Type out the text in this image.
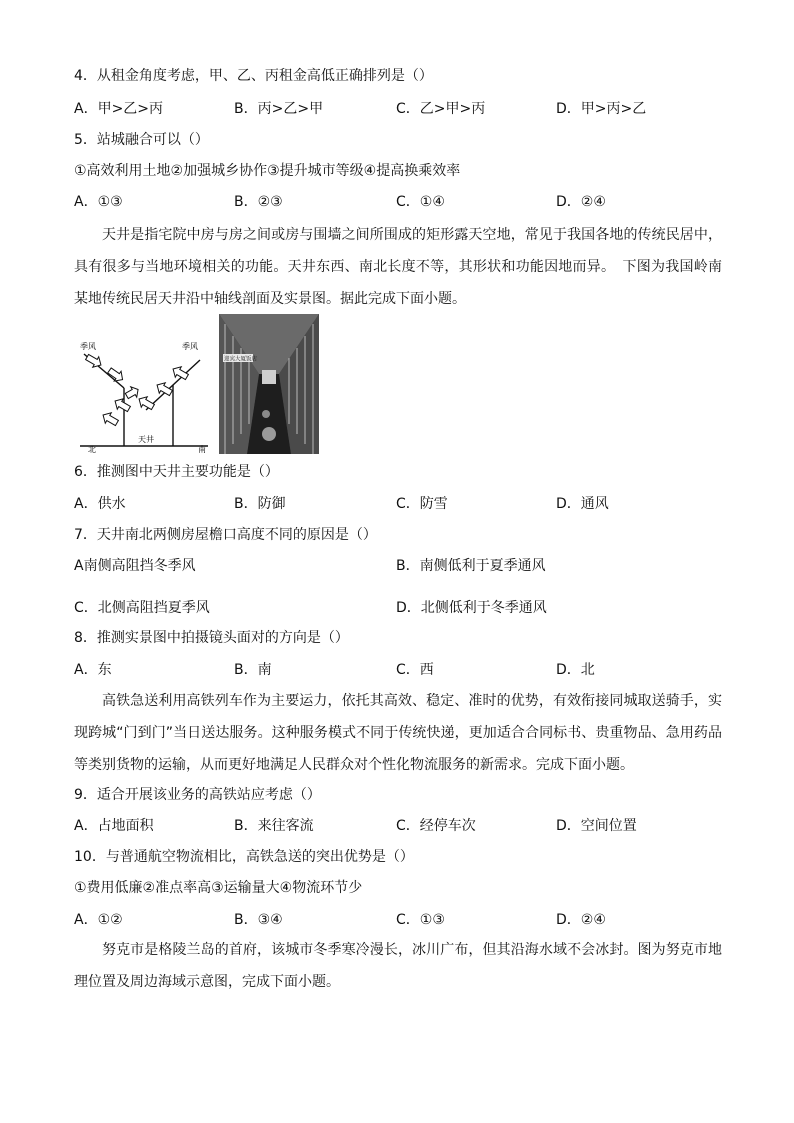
4．从租金角度考虑，甲、乙、丙租金高低正确排列是（）
A．甲>乙>丙	B．丙>乙>甲	C．乙>甲>丙	D．甲>丙>乙
5．站城融合可以（）
①高效利用土地②加强城乡协作③提升城市等级④提高换乘效率
A．①③	B．②③	C．①④	D．②④
天井是指宅院中房与房之间或房与围墙之间所围成的矩形露天空地，常见于我国各地的传统民居中，具有很多与当地环境相关的功能。天井东西、南北长度不等，其形状和功能因地而异。　下图为我国岭南某地传统民居天井沿中轴线剖面及实景图。据此完成下面小题。
季风	季风
天井
北	南
迎宾大厦饭店
6．推测图中天井主要功能是（）
A．供水	B．防御	C．防雪	D．通风
7．天井南北两侧房屋檐口高度不同的原因是（）
A南侧高阻挡冬季风	B．南侧低利于夏季通风
C．北侧高阻挡夏季风	D．北侧低利于冬季通风
8．推测实景图中拍摄镜头面对的方向是（）
A．东	B．南	C．西	D．北
高铁急送利用高铁列车作为主要运力，依托其高效、稳定、准时的优势，有效衔接同城取送骑手，实现跨城“门到门”当日送达服务。这种服务模式不同于传统快递，更加适合合同标书、贵重物品、急用药品等类别货物的运输，从而更好地满足人民群众对个性化物流服务的新需求。完成下面小题。
9．适合开展该业务的高铁站应考虑（）
A．占地面积	B．来往客流	C．经停车次	D．空间位置
10．与普通航空物流相比，高铁急送的突出优势是（）
①费用低廉②准点率高③运输量大④物流环节少
A．①②	B．③④	C．①③	D．②④
努克市是格陵兰岛的首府，该城市冬季寒冷漫长，冰川广布，但其沿海水域不会冰封。图为努克市地理位置及周边海域示意图，完成下面小题。
